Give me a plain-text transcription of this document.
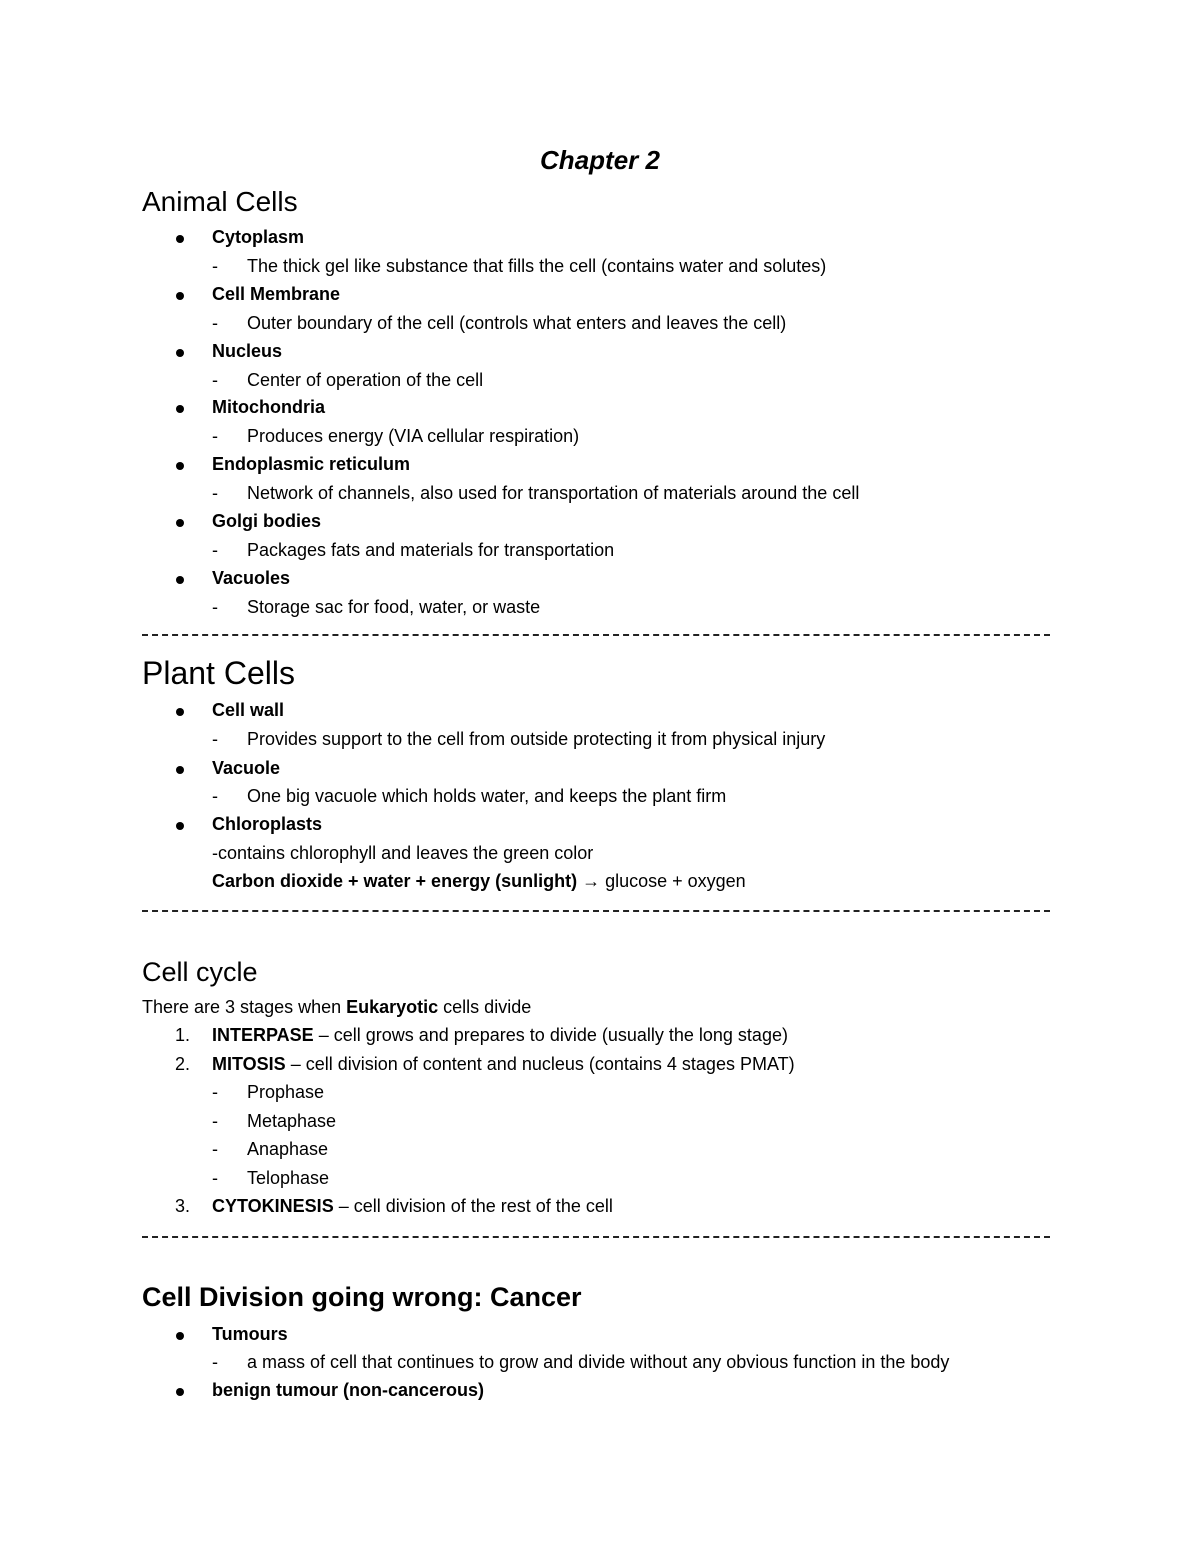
Chapter 2
Animal Cells
Cytoplasm
- The thick gel like substance that fills the cell (contains water and solutes)
Cell Membrane
- Outer boundary of the cell (controls what enters and leaves the cell)
Nucleus
- Center of operation of the cell
Mitochondria
- Produces energy (VIA cellular respiration)
Endoplasmic reticulum
- Network of channels, also used for transportation of materials around the cell
Golgi bodies
- Packages fats and materials for transportation
Vacuoles
- Storage sac for food, water, or waste
Plant Cells
Cell wall
- Provides support to the cell from outside protecting it from physical injury
Vacuole
- One big vacuole which holds water, and keeps the plant firm
Chloroplasts
-contains chlorophyll and leaves the green color
Carbon dioxide + water + energy (sunlight) → glucose + oxygen
Cell cycle
There are 3 stages when Eukaryotic cells divide
1. INTERPASE – cell grows and prepares to divide (usually the long stage)
2. MITOSIS – cell division of content and nucleus (contains 4 stages PMAT)
- Prophase
- Metaphase
- Anaphase
- Telophase
3. CYTOKINESIS – cell division of the rest of the cell
Cell Division going wrong: Cancer
Tumours
- a mass of cell that continues to grow and divide without any obvious function in the body
benign tumour (non-cancerous)
